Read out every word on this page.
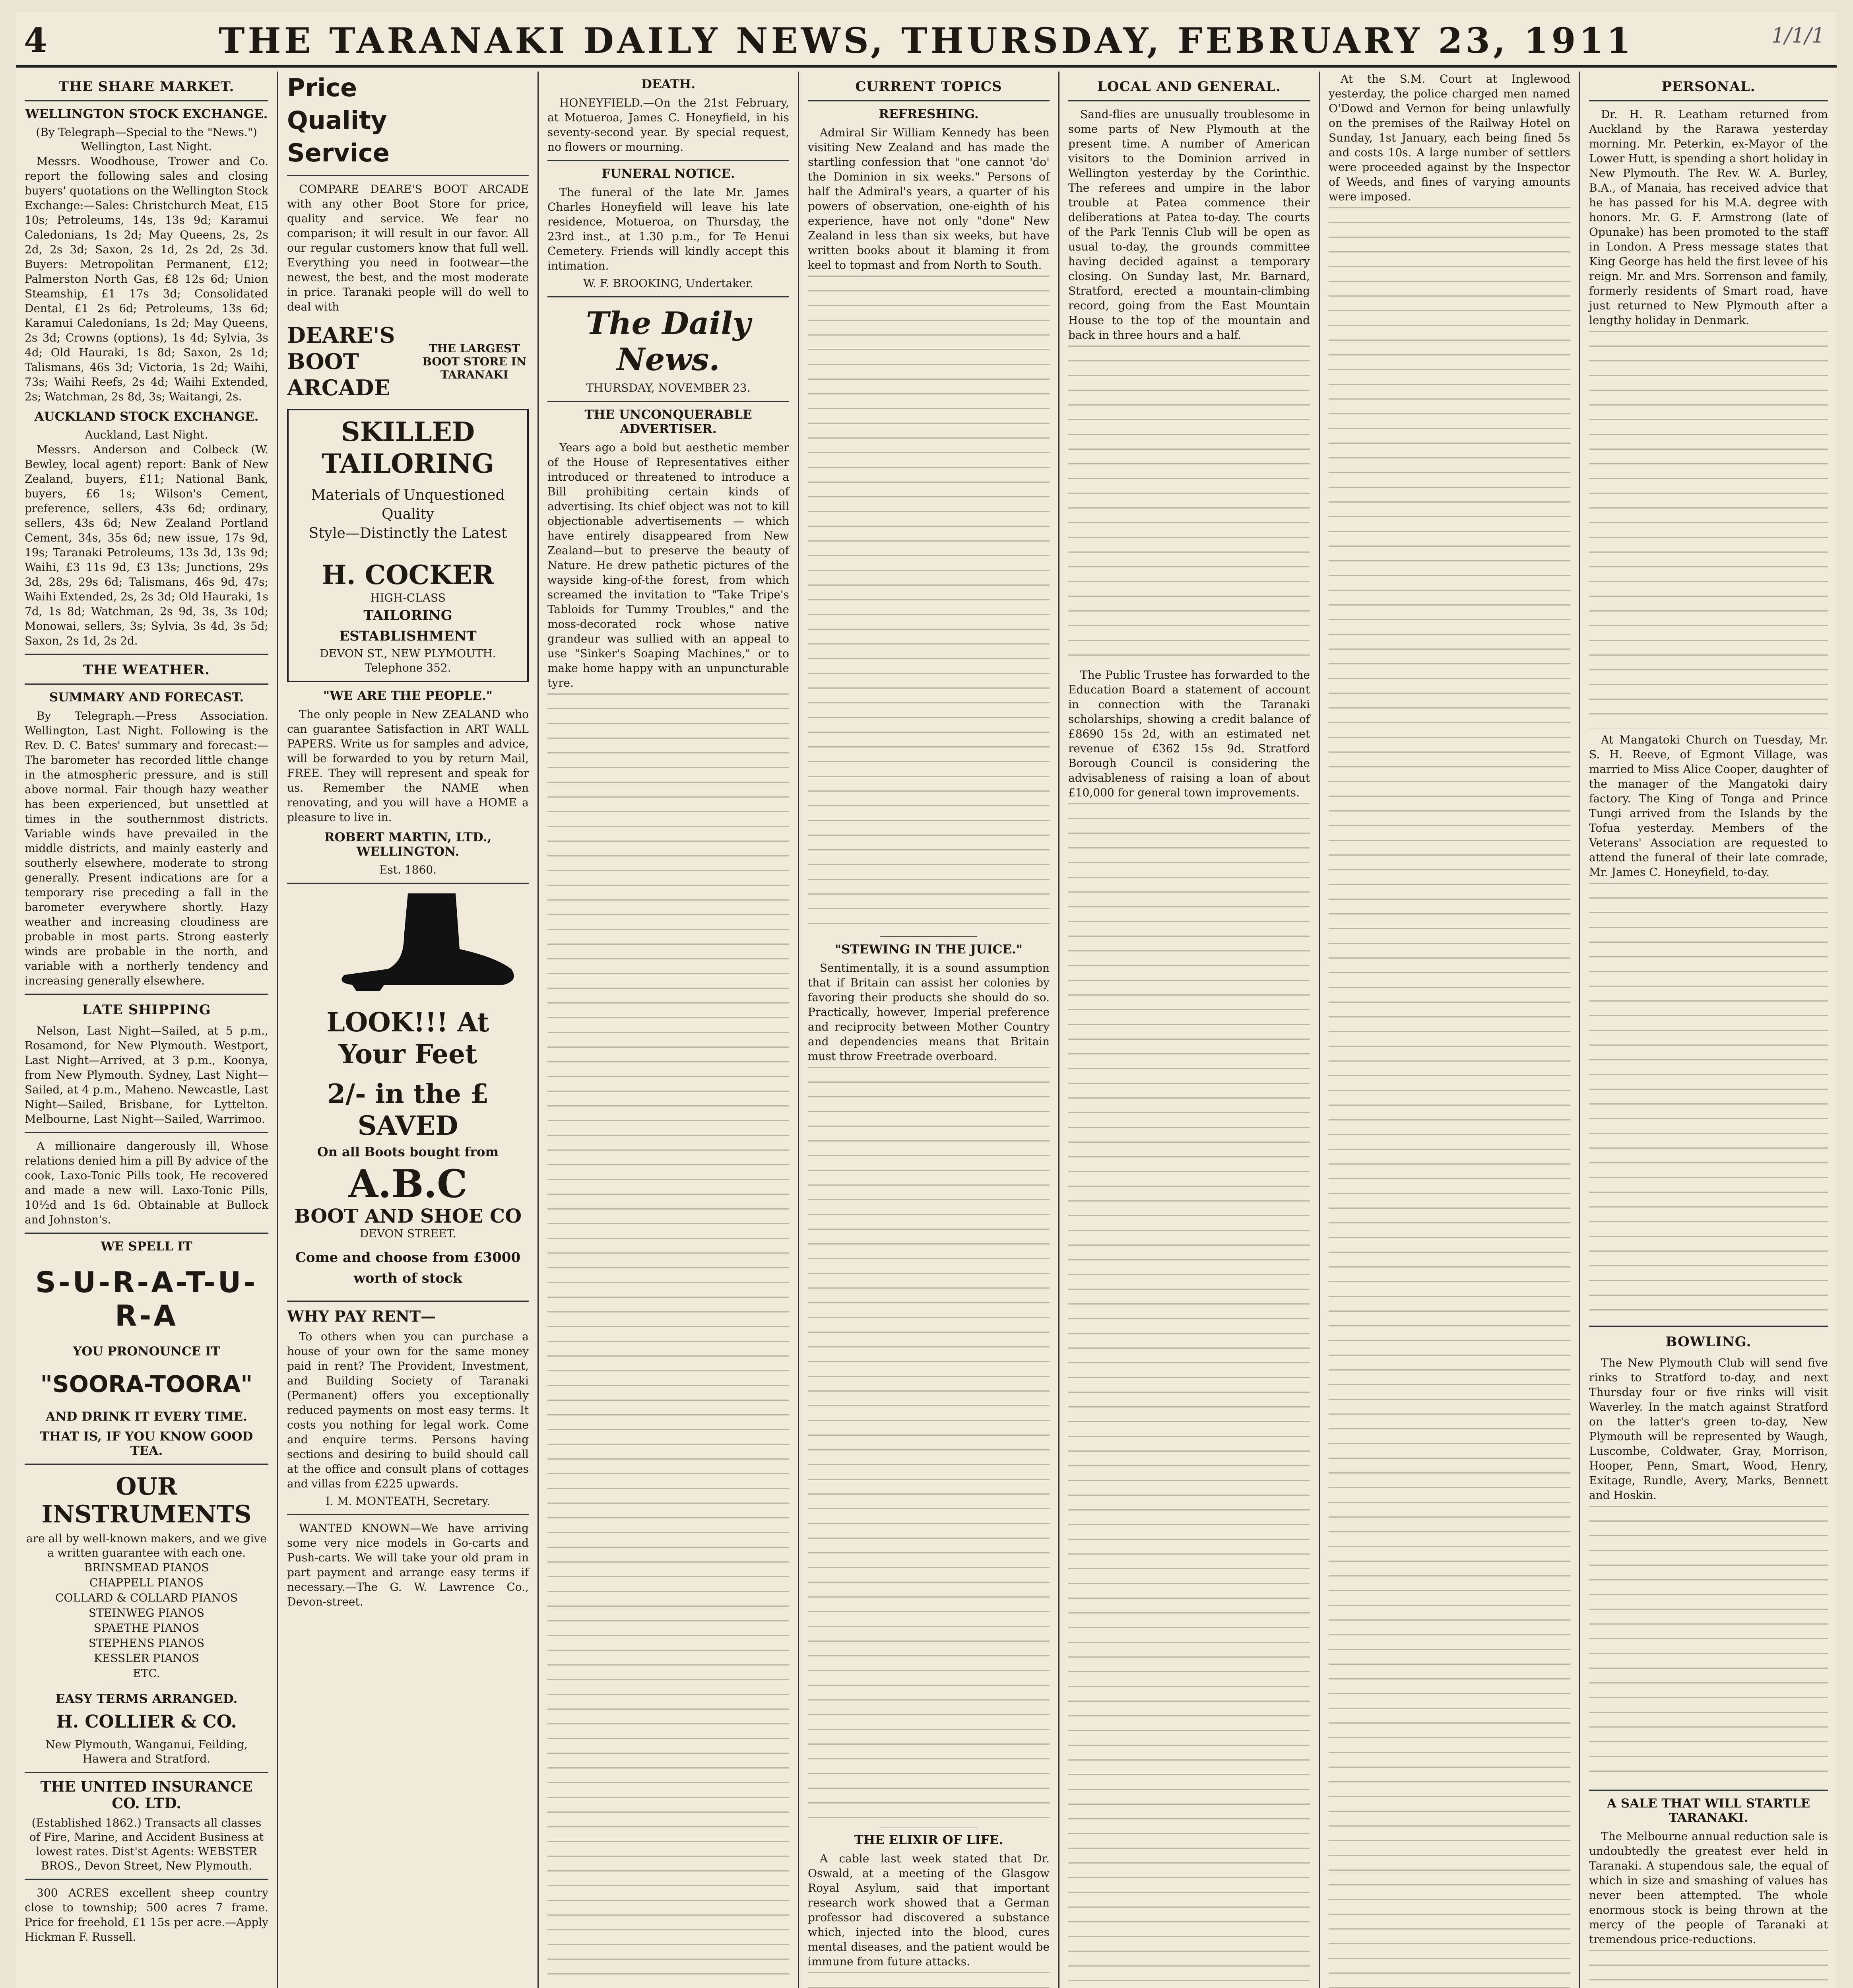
4	THE TARANAKI DAILY NEWS, THURSDAY, FEBRUARY 23, 1911	1/1/1
THE SHARE MARKET.
WELLINGTON STOCK EXCHANGE.

(By Telegraph—Special to the "News.") Wellington, Last Night.

Messrs. Woodhouse, Trower and Co. report the following sales and closing buyers' quotations on the Wellington Stock Exchange:—Sales: Christchurch Meat, £15 10s; Petroleums, 14s, 13s 9d; Karamui Caledonians, 1s 2d; May Queens, 2s, 2s 2d, 2s 3d; Saxon, 2s 1d, 2s 2d, 2s 3d. Buyers: Metropolitan Permanent, £12; Palmerston North Gas, £8 12s 6d; Union Steamship, £1 17s 3d; Consolidated Dental, £1 2s 6d; Petroleums, 13s 6d; Karamui Caledonians, 1s 2d; May Queens, 2s 3d; Crowns (options), 1s 4d; Sylvia, 3s 4d; Old Hauraki, 1s 8d; Saxon, 2s 1d; Talismans, 46s 3d; Victoria, 1s 2d; Waihi, 73s; Waihi Reefs, 2s 4d; Waihi Extended, 2s; Watchman, 2s 8d, 3s; Waitangi, 2s.

AUCKLAND STOCK EXCHANGE.

Auckland, Last Night.

Messrs. Anderson and Colbeck (W. Bewley, local agent) report: Bank of New Zealand, buyers, £11; National Bank, buyers, £6 1s; Wilson's Cement, preference, sellers, 43s 6d; ordinary, sellers, 43s 6d; New Zealand Portland Cement, 34s, 35s 6d; new issue, 17s 9d, 19s; Taranaki Petroleums, 13s 3d, 13s 9d; Waihi, £3 11s 9d, £3 13s; Junctions, 29s 3d, 28s, 29s 6d; Talismans, 46s 9d, 47s; Waihi Extended, 2s, 2s 3d; Old Hauraki, 1s 7d, 1s 8d; Watchman, 2s 9d, 3s, 3s 10d; Monowai, sellers, 3s; Sylvia, 3s 4d, 3s 5d; Saxon, 2s 1d, 2s 2d.

THE WEATHER.
SUMMARY AND FORECAST.

By Telegraph.—Press Association. Wellington, Last Night. Following is the Rev. D. C. Bates' summary and forecast:—The barometer has recorded little change in the atmospheric pressure, and is still above normal. Fair though hazy weather has been experienced, but unsettled at times in the southernmost districts. Variable winds have prevailed in the middle districts, and mainly easterly and southerly elsewhere, moderate to strong generally. Present indications are for a temporary rise preceding a fall in the barometer everywhere shortly. Hazy weather and increasing cloudiness are probable in most parts. Strong easterly winds are probable in the north, and variable with a northerly tendency and increasing generally elsewhere.

LATE SHIPPING

Nelson, Last Night—Sailed, at 5 p.m., Rosamond, for New Plymouth. Westport, Last Night—Arrived, at 3 p.m., Koonya, from New Plymouth. Sydney, Last Night—Sailed, at 4 p.m., Maheno. Newcastle, Last Night—Sailed, Brisbane, for Lyttelton. Melbourne, Last Night—Sailed, Warrimoo.

A millionaire dangerously ill, Whose relations denied him a pill By advice of the cook, Laxo-Tonic Pills took, He recovered and made a new will. Laxo-Tonic Pills, 10½d and 1s 6d. Obtainable at Bullock and Johnston's.

WE SPELL IT
S-U-R-A-T-U-R-A
YOU PRONOUNCE IT
"SOORA-TOORA"
AND DRINK IT EVERY TIME.
THAT IS, IF YOU KNOW GOOD TEA.
OUR INSTRUMENTS

are all by well-known makers, and we give a written guarantee with each one.

BRINSMEAD PIANOS
CHAPPELL PIANOS
COLLARD & COLLARD PIANOS
STEINWEG PIANOS
SPAETHE PIANOS
STEPHENS PIANOS
KESSLER PIANOS
ETC.
EASY TERMS ARRANGED.
H. COLLIER & CO.

New Plymouth, Wanganui, Feilding, Hawera and Stratford.

THE UNITED INSURANCE CO. LTD.

(Established 1862.) Transacts all classes of Fire, Marine, and Accident Business at lowest rates. Dist'st Agents: WEBSTER BROS., Devon Street, New Plymouth.

300 ACRES excellent sheep country close to township; 500 acres 7 frame. Price for freehold, £1 15s per acre.—Apply Hickman F. Russell.

Price
Quality
Service

COMPARE DEARE'S BOOT ARCADE with any other Boot Store for price, quality and service. We fear no comparison; it will result in our favor. All our regular customers know that full well. Everything you need in footwear—the newest, the best, and the most moderate in price. Taranaki people will do well to deal with

DEARE'S BOOT ARCADE
THE LARGEST BOOT STORE IN TARANAKI
SKILLED TAILORING
Materials of Unquestioned Quality
Style—Distinctly the Latest
H. COCKER
HIGH-CLASS
TAILORING ESTABLISHMENT
DEVON ST., NEW PLYMOUTH.
Telephone 352.
"WE ARE THE PEOPLE."

The only people in New ZEALAND who can guarantee Satisfaction in ART WALL PAPERS. Write us for samples and advice, will be forwarded to you by return Mail, FREE. They will represent and speak for us. Remember the NAME when renovating, and you will have a HOME a pleasure to live in.

ROBERT MARTIN, LTD., WELLINGTON.

Est. 1860.

LOOK!!! At Your Feet
2/- in the £ SAVED
On all Boots bought from
A.B.C
BOOT AND SHOE CO
DEVON STREET.
Come and choose from £3000 worth of stock
WHY PAY RENT—

To others when you can purchase a house of your own for the same money paid in rent? The Provident, Investment, and Building Society of Taranaki (Permanent) offers you exceptionally reduced payments on most easy terms. It costs you nothing for legal work. Come and enquire terms. Persons having sections and desiring to build should call at the office and consult plans of cottages and villas from £225 upwards.

I. M. MONTEATH, Secretary.

WANTED KNOWN—We have arriving some very nice models in Go-carts and Push-carts. We will take your old pram in part payment and arrange easy terms if necessary.—The G. W. Lawrence Co., Devon-street.

DEATH.

HONEYFIELD.—On the 21st February, at Motueroa, James C. Honeyfield, in his seventy-second year. By special request, no flowers or mourning.

FUNERAL NOTICE.

The funeral of the late Mr. James Charles Honeyfield will leave his late residence, Motueroa, on Thursday, the 23rd inst., at 1.30 p.m., for Te Henui Cemetery. Friends will kindly accept this intimation.

W. F. BROOKING, Undertaker.

The Daily News.

THURSDAY, NOVEMBER 23.

THE UNCONQUERABLE ADVERTISER.

Years ago a bold but aesthetic member of the House of Representatives either introduced or threatened to introduce a Bill prohibiting certain kinds of advertising. Its chief object was not to kill objectionable advertisements — which have entirely disappeared from New Zealand—but to preserve the beauty of Nature. He drew pathetic pictures of the wayside king-of-the forest, from which screamed the invitation to "Take Tripe's Tabloids for Tummy Troubles," and the moss-decorated rock whose native grandeur was sullied with an appeal to use "Sinker's Soaping Machines," or to make home happy with an unpuncturable tyre.

CURRENT TOPICS
REFRESHING.

Admiral Sir William Kennedy has been visiting New Zealand and has made the startling confession that "one cannot 'do' the Dominion in six weeks." Persons of half the Admiral's years, a quarter of his powers of observation, one-eighth of his experience, have not only "done" New Zealand in less than six weeks, but have written books about it blaming it from keel to topmast and from North to South.

"STEWING IN THE JUICE."

Sentimentally, it is a sound assumption that if Britain can assist her colonies by favoring their products she should do so. Practically, however, Imperial preference and reciprocity between Mother Country and dependencies means that Britain must throw Freetrade overboard.

THE ELIXIR OF LIFE.

A cable last week stated that Dr. Oswald, at a meeting of the Glasgow Royal Asylum, said that important research work showed that a German professor had discovered a substance which, injected into the blood, cures mental diseases, and the patient would be immune from future attacks.

LOCAL AND GENERAL.

Sand-flies are unusually troublesome in some parts of New Plymouth at the present time. A number of American visitors to the Dominion arrived in Wellington yesterday by the Corinthic. The referees and umpire in the labor trouble at Patea commence their deliberations at Patea to-day. The courts of the Park Tennis Club will be open as usual to-day, the grounds committee having decided against a temporary closing. On Sunday last, Mr. Barnard, Stratford, erected a mountain-climbing record, going from the East Mountain House to the top of the mountain and back in three hours and a half.

The Public Trustee has forwarded to the Education Board a statement of account in connection with the Taranaki scholarships, showing a credit balance of £8690 15s 2d, with an estimated net revenue of £362 15s 9d. Stratford Borough Council is considering the advisableness of raising a loan of about £10,000 for general town improvements.

At the S.M. Court at Inglewood yesterday, the police charged men named O'Dowd and Vernon for being unlawfully on the premises of the Railway Hotel on Sunday, 1st January, each being fined 5s and costs 10s. A large number of settlers were proceeded against by the Inspector of Weeds, and fines of varying amounts were imposed.

PERSONAL.

Dr. H. R. Leatham returned from Auckland by the Rarawa yesterday morning. Mr. Peterkin, ex-Mayor of the Lower Hutt, is spending a short holiday in New Plymouth. The Rev. W. A. Burley, B.A., of Manaia, has received advice that he has passed for his M.A. degree with honors. Mr. G. F. Armstrong (late of Opunake) has been promoted to the staff in London. A Press message states that King George has held the first levee of his reign. Mr. and Mrs. Sorrenson and family, formerly residents of Smart road, have just returned to New Plymouth after a lengthy holiday in Denmark.

At Mangatoki Church on Tuesday, Mr. S. H. Reeve, of Egmont Village, was married to Miss Alice Cooper, daughter of the manager of the Mangatoki dairy factory. The King of Tonga and Prince Tungi arrived from the Islands by the Tofua yesterday. Members of the Veterans' Association are requested to attend the funeral of their late comrade, Mr. James C. Honeyfield, to-day.

BOWLING.

The New Plymouth Club will send five rinks to Stratford to-day, and next Thursday four or five rinks will visit Waverley. In the match against Stratford on the latter's green to-day, New Plymouth will be represented by Waugh, Luscombe, Coldwater, Gray, Morrison, Hooper, Penn, Smart, Wood, Henry, Exitage, Rundle, Avery, Marks, Bennett and Hoskin.

A SALE THAT WILL STARTLE TARANAKI.

The Melbourne annual reduction sale is undoubtedly the greatest ever held in Taranaki. A stupendous sale, the equal of which in size and smashing of values has never been attempted. The whole enormous stock is being thrown at the mercy of the people of Taranaki at tremendous price-reductions.
